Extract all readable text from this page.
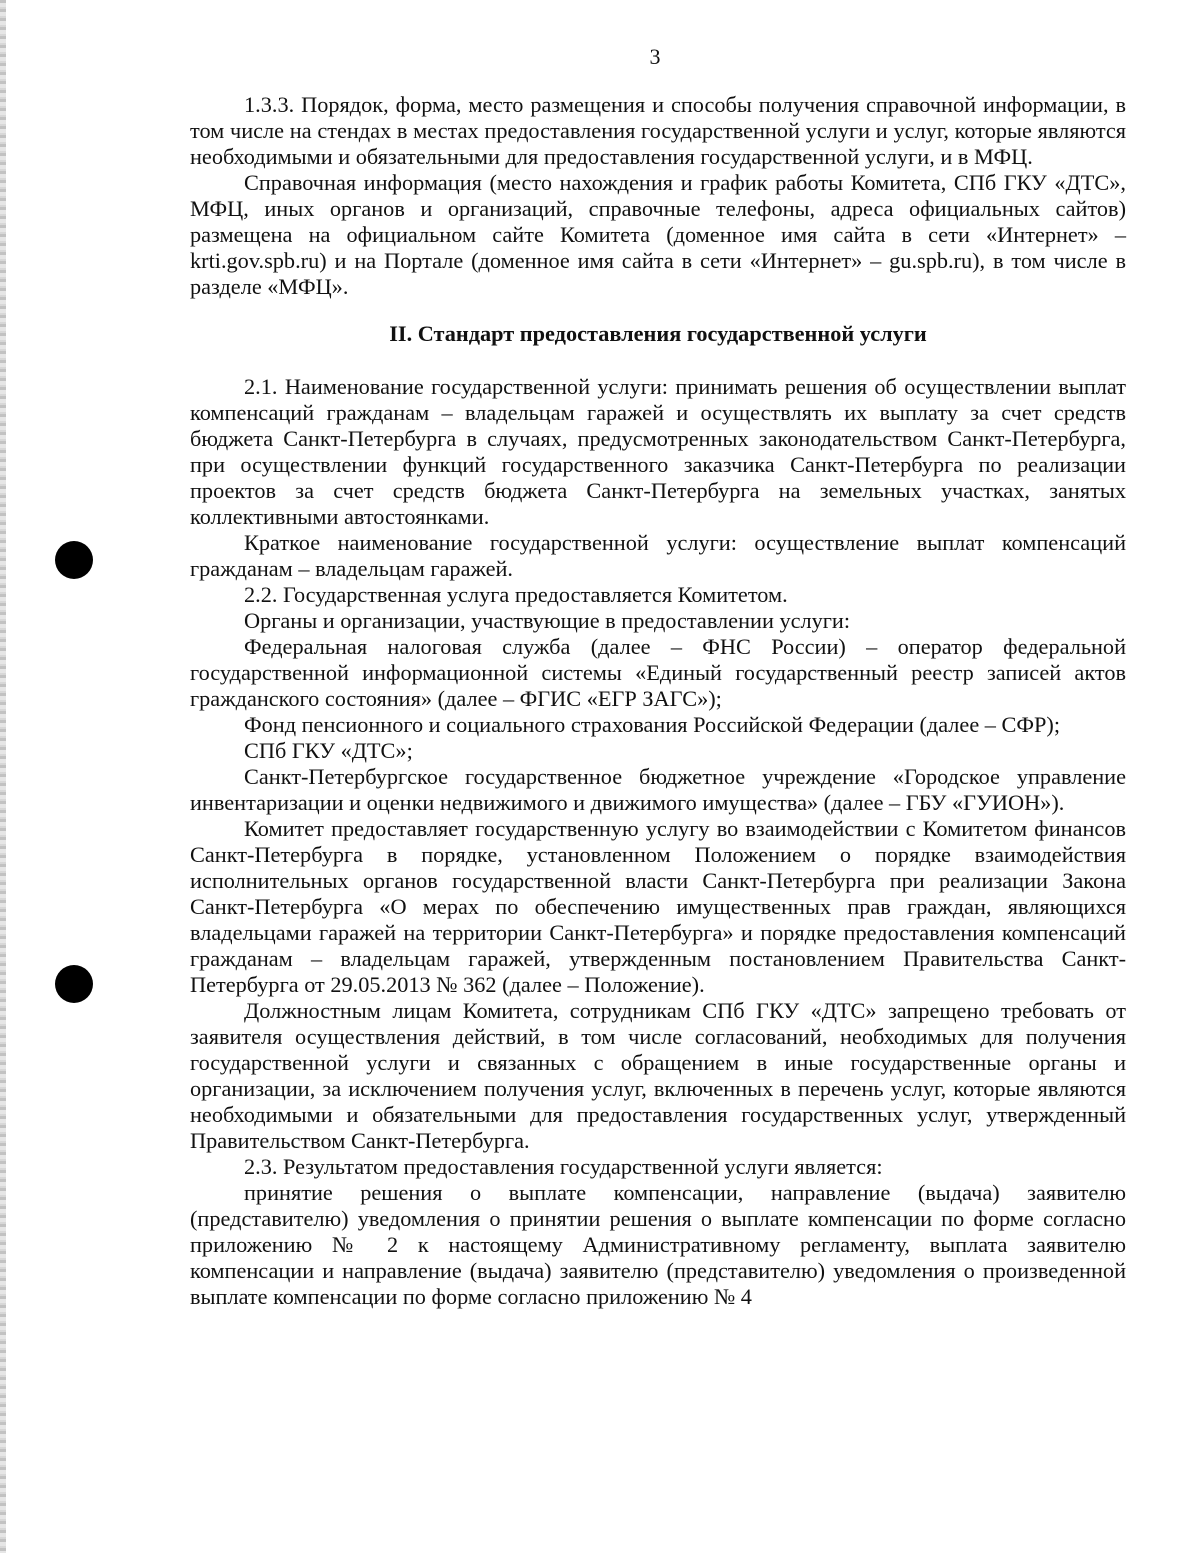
3

1.3.3. Порядок, форма, место размещения и способы получения справочной информации, в том числе на стендах в местах предоставления государственной услуги и услуг, которые являются необходимыми и обязательными для предоставления государственной услуги, и в МФЦ.

Справочная информация (место нахождения и график работы Комитета, СПб ГКУ «ДТС», МФЦ, иных органов и организаций, справочные телефоны, адреса официальных сайтов) размещена на официальном сайте Комитета (доменное имя сайта в сети «Интернет» – krti.gov.spb.ru) и на Портале (доменное имя сайта в сети «Интернет» – gu.spb.ru), в том числе в разделе «МФЦ».

II. Стандарт предоставления государственной услуги

2.1. Наименование государственной услуги: принимать решения об осуществлении выплат компенсаций гражданам – владельцам гаражей и осуществлять их выплату за счет средств бюджета Санкт-Петербурга в случаях, предусмотренных законодательством Санкт-Петербурга, при осуществлении функций государственного заказчика Санкт-Петербурга по реализации проектов за счет средств бюджета Санкт-Петербурга на земельных участках, занятых коллективными автостоянками.

Краткое наименование государственной услуги: осуществление выплат компенсаций гражданам – владельцам гаражей.

2.2. Государственная услуга предоставляется Комитетом.

Органы и организации, участвующие в предоставлении услуги:

Федеральная налоговая служба (далее – ФНС России) – оператор федеральной государственной информационной системы «Единый государственный реестр записей актов гражданского состояния» (далее – ФГИС «ЕГР ЗАГС»);

Фонд пенсионного и социального страхования Российской Федерации (далее – СФР);

СПб ГКУ «ДТС»;

Санкт-Петербургское государственное бюджетное учреждение «Городское управление инвентаризации и оценки недвижимого и движимого имущества» (далее – ГБУ «ГУИОН»).

Комитет предоставляет государственную услугу во взаимодействии с Комитетом финансов Санкт-Петербурга в порядке, установленном Положением о порядке взаимодействия исполнительных органов государственной власти Санкт-Петербурга при реализации Закона Санкт-Петербурга «О мерах по обеспечению имущественных прав граждан, являющихся владельцами гаражей на территории Санкт-Петербурга» и порядке предоставления компенсаций гражданам – владельцам гаражей, утвержденным постановлением Правительства Санкт-Петербурга от 29.05.2013 № 362 (далее – Положение).

Должностным лицам Комитета, сотрудникам СПб ГКУ «ДТС» запрещено требовать от заявителя осуществления действий, в том числе согласований, необходимых для получения государственной услуги и связанных с обращением в иные государственные органы и организации, за исключением получения услуг, включенных в перечень услуг, которые являются необходимыми и обязательными для предоставления государственных услуг, утвержденный Правительством Санкт-Петербурга.

2.3. Результатом предоставления государственной услуги является:

принятие решения о выплате компенсации, направление (выдача) заявителю (представителю) уведомления о принятии решения о выплате компенсации по форме согласно приложению № 2 к настоящему Административному регламенту, выплата заявителю компенсации и направление (выдача) заявителю (представителю) уведомления о произведенной выплате компенсации по форме согласно приложению № 4
